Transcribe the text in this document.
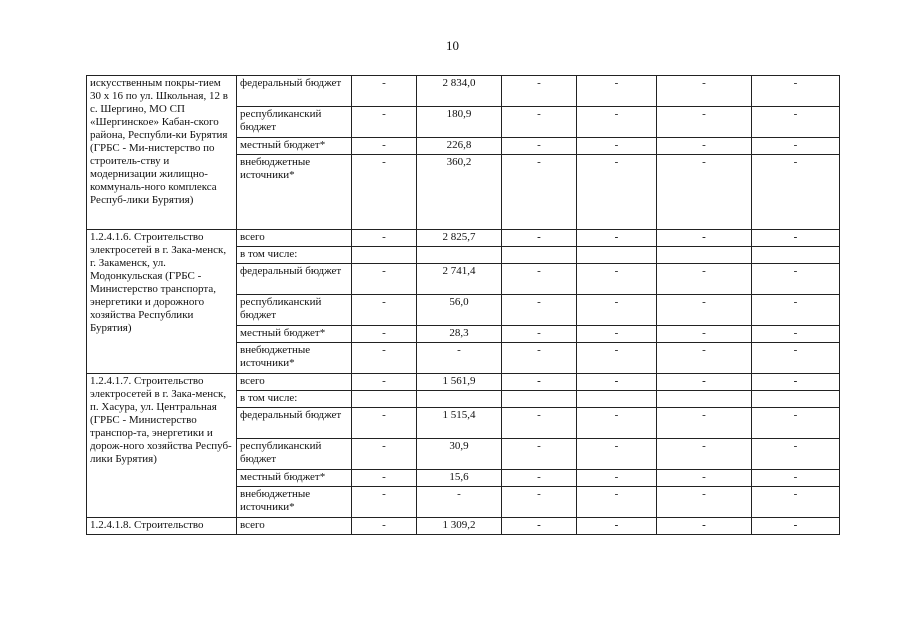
10
искусственным покры-тием 30 х 16 по ул. Школьная, 12 в с. Шергино, МО СП «Шергинское» Кабан-ского района, Республи-ки Бурятия (ГРБС - Ми-нистерство по строитель-ству и модернизации жилищно-коммуналь-ного комплекса Респуб-лики Бурятия)	федеральный бюджет	-	2 834,0	-	-	-	-
	республиканский бюджет	-	180,9	-	-	-	-
	местный бюджет*	-	226,8	-	-	-	-
	внебюджетные источники*	-	360,2	-	-	-	-
1.2.4.1.6. Строительство электросетей в г. Зака-менск, г. Закаменск, ул. Модонкульская (ГРБС - Министерство транспорта, энергетики и дорожного хозяйства Республики Бурятия)	всего	-	2 825,7	-	-	-	-
	в том числе:						
	федеральный бюджет	-	2 741,4	-	-	-	-
	республиканский бюджет	-	56,0	-	-	-	-
	местный бюджет*	-	28,3	-	-	-	-
	внебюджетные источники*	-	-	-	-	-	-
1.2.4.1.7. Строительство электросетей в г. Зака-менск, п. Хасура, ул. Центральная (ГРБС - Министерство транспор-та, энергетики и дорож-ного хозяйства Респуб-лики Бурятия)	всего	-	1 561,9	-	-	-	-
	в том числе:						
	федеральный бюджет	-	1 515,4	-	-	-	-
	республиканский бюджет	-	30,9	-	-	-	-
	местный бюджет*	-	15,6	-	-	-	-
	внебюджетные источники*	-	-	-	-	-	-
1.2.4.1.8. Строительство	всего	-	1 309,2	-	-	-	-
